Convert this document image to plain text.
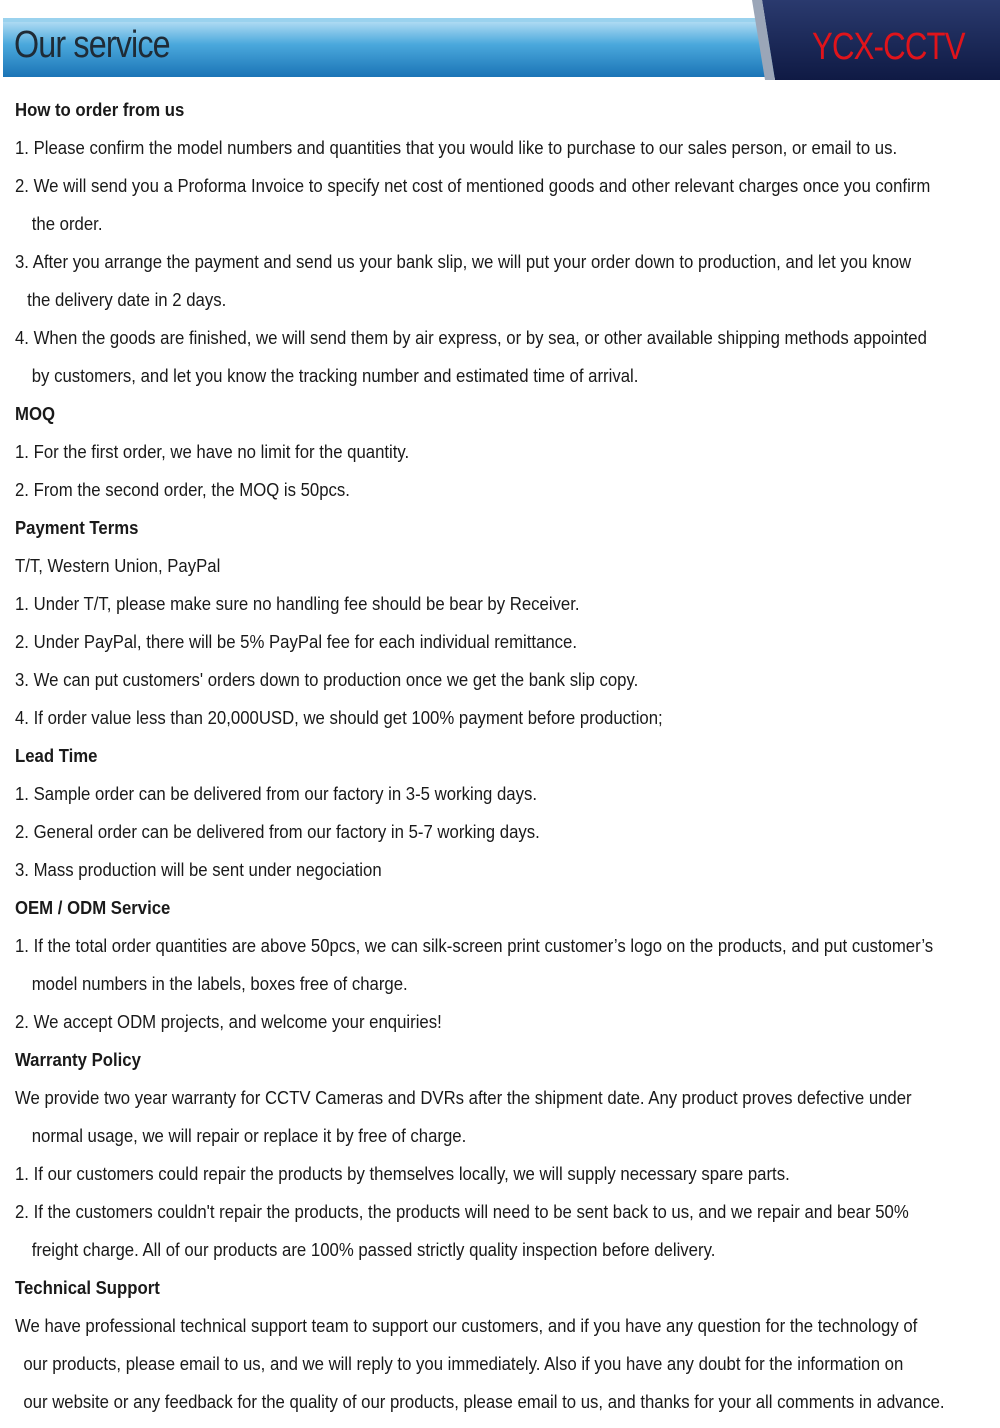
Our service	YCX-CCTV
How to order from us
1. Please confirm the model numbers and quantities that you would like to purchase to our sales person, or email to us.
2. We will send you a Proforma Invoice to specify net cost of mentioned goods and other relevant charges once you confirm
the order.
3. After you arrange the payment and send us your bank slip, we will put your order down to production, and let you know
the delivery date in 2 days.
4. When the goods are finished, we will send them by air express, or by sea, or other available shipping methods appointed
by customers, and let you know the tracking number and estimated time of arrival.
MOQ
1. For the first order, we have no limit for the quantity.
2. From the second order, the MOQ is 50pcs.
Payment Terms
T/T, Western Union, PayPal
1. Under T/T, please make sure no handling fee should be bear by Receiver.
2. Under PayPal, there will be 5% PayPal fee for each individual remittance.
3. We can put customers' orders down to production once we get the bank slip copy.
4. If order value less than 20,000USD, we should get 100% payment before production;
Lead Time
1. Sample order can be delivered from our factory in 3-5 working days.
2. General order can be delivered from our factory in 5-7 working days.
3. Mass production will be sent under negociation
OEM / ODM Service
1. If the total order quantities are above 50pcs, we can silk-screen print customer’s logo on the products, and put customer’s
model numbers in the labels, boxes free of charge.
2. We accept ODM projects, and welcome your enquiries!
Warranty Policy
We provide two year warranty for CCTV Cameras and DVRs after the shipment date. Any product proves defective under
normal usage, we will repair or replace it by free of charge.
1. If our customers could repair the products by themselves locally, we will supply necessary spare parts.
2. If the customers couldn't repair the products, the products will need to be sent back to us, and we repair and bear 50%
freight charge. All of our products are 100% passed strictly quality inspection before delivery.
Technical Support
We have professional technical support team to support our customers, and if you have any question for the technology of
our products, please email to us, and we will reply to you immediately. Also if you have any doubt for the information on
our website or any feedback for the quality of our products, please email to us, and thanks for your all comments in advance.
